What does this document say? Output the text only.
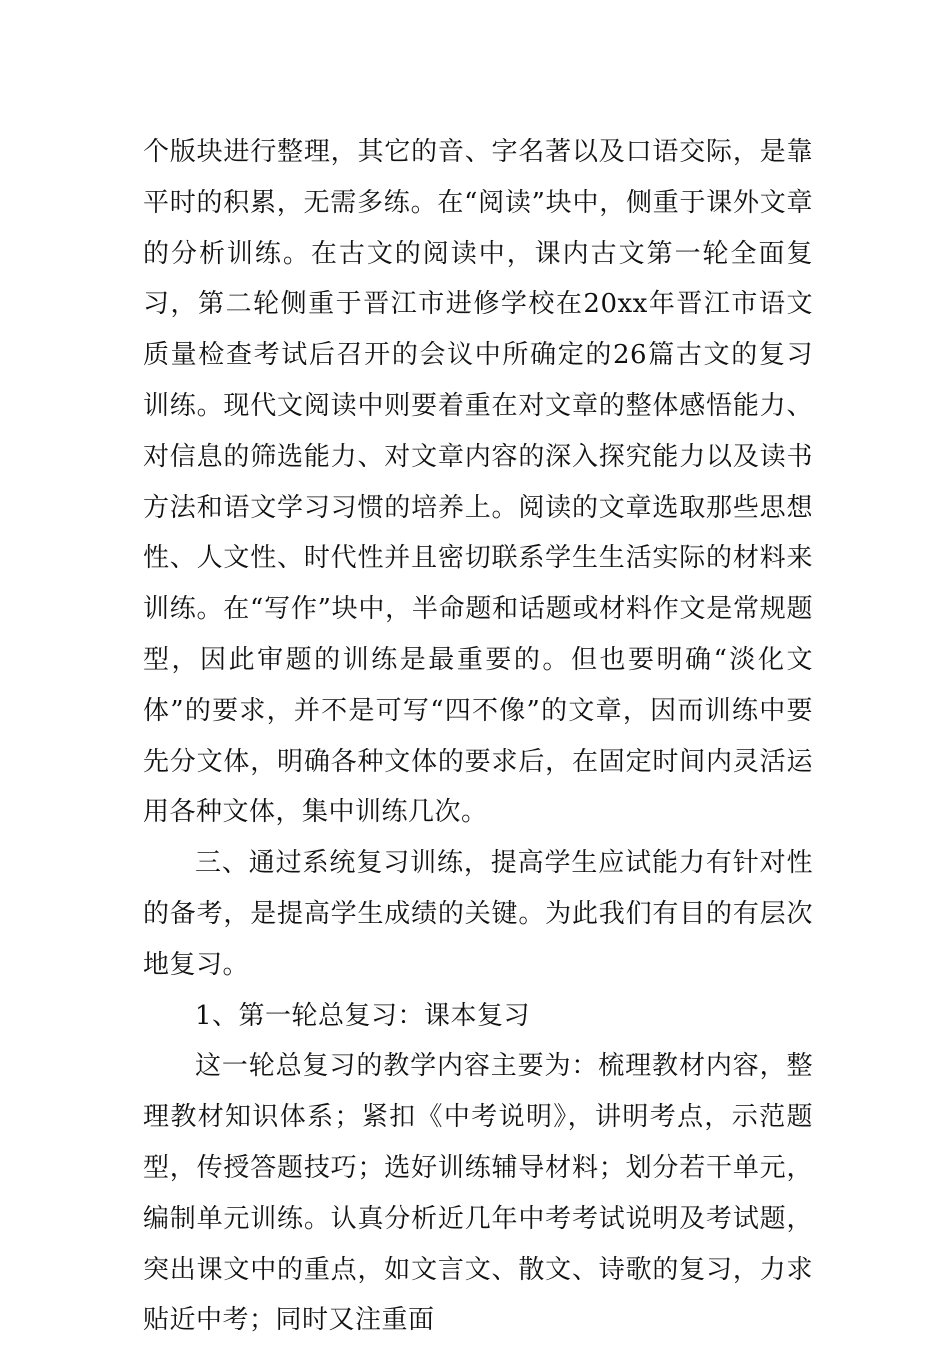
个版块进行整理，其它的音、字名著以及口语交际，是靠平时的积累，无需多练。在“阅读”块中，侧重于课外文章的分析训练。在古文的阅读中，课内古文第一轮全面复习，第二轮侧重于晋江市进修学校在20xx年晋江市语文质量检查考试后召开的会议中所确定的26篇古文的复习训练。现代文阅读中则要着重在对文章的整体感悟能力、对信息的筛选能力、对文章内容的深入探究能力以及读书方法和语文学习习惯的培养上。阅读的文章选取那些思想性、人文性、时代性并且密切联系学生生活实际的材料来训练。在“写作”块中，半命题和话题或材料作文是常规题型，因此审题的训练是最重要的。但也要明确“淡化文体”的要求，并不是可写“四不像”的文章，因而训练中要先分文体，明确各种文体的要求后，在固定时间内灵活运用各种文体，集中训练几次。

三、通过系统复习训练，提高学生应试能力有针对性的备考，是提高学生成绩的关键。为此我们有目的有层次地复习。

1、第一轮总复习：课本复习

这一轮总复习的教学内容主要为：梳理教材内容，整理教材知识体系；紧扣《中考说明》，讲明考点，示范题型，传授答题技巧；选好训练辅导材料；划分若干单元，编制单元训练。认真分析近几年中考考试说明及考试题，突出课文中的重点，如文言文、散文、诗歌的复习，力求贴近中考；同时又注重面
